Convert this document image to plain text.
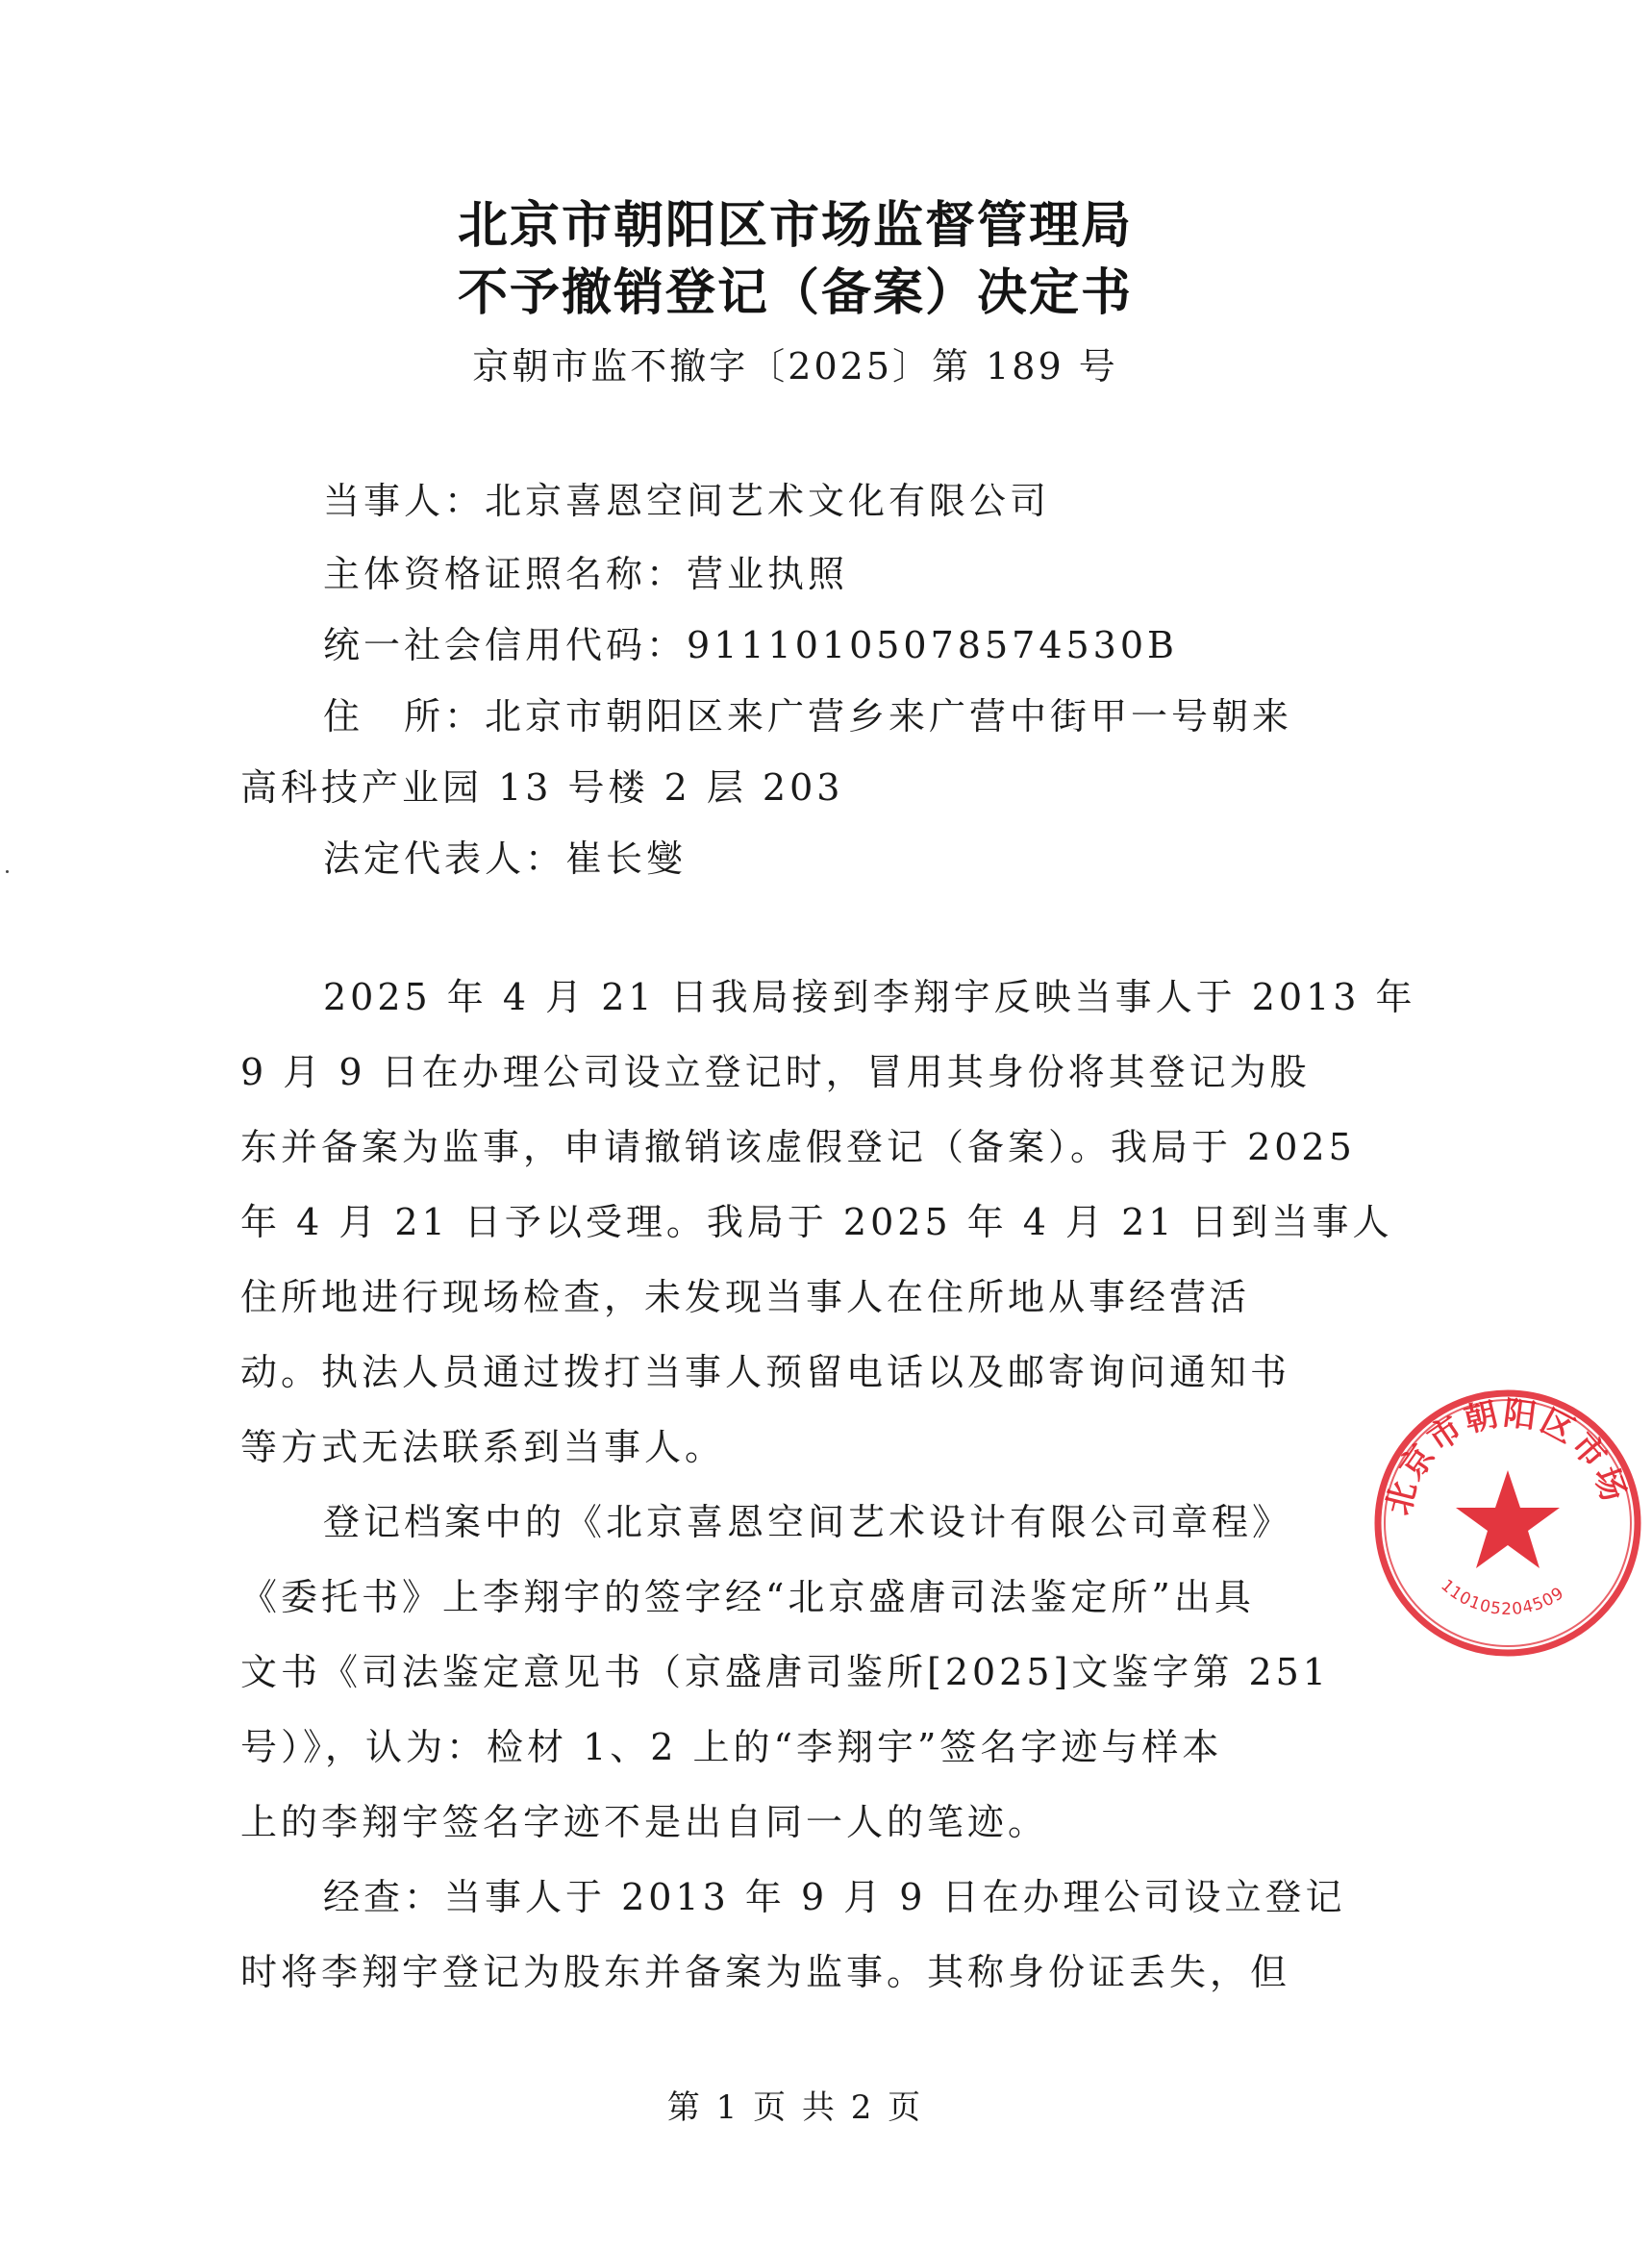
北京市朝阳区市场监督管理局
不予撤销登记（备案）决定书
京朝市监不撤字〔2025〕第 189 号
当事人：北京喜恩空间艺术文化有限公司
主体资格证照名称：营业执照
统一社会信用代码：91110105078574530B
住　所：北京市朝阳区来广营乡来广营中街甲一号朝来
高科技产业园 13 号楼 2 层 203
法定代表人：崔长燮
2025 年 4 月 21 日我局接到李翔宇反映当事人于 2013 年
9 月 9 日在办理公司设立登记时，冒用其身份将其登记为股
东并备案为监事，申请撤销该虚假登记（备案）。我局于 2025
年 4 月 21 日予以受理。我局于 2025 年 4 月 21 日到当事人
住所地进行现场检查，未发现当事人在住所地从事经营活
动。执法人员通过拨打当事人预留电话以及邮寄询问通知书
等方式无法联系到当事人。
登记档案中的《北京喜恩空间艺术设计有限公司章程》
《委托书》上李翔宇的签字经“北京盛唐司法鉴定所”出具
文书《司法鉴定意见书（京盛唐司鉴所[2025]文鉴字第 251
号）》，认为：检材 1、2 上的“李翔宇”签名字迹与样本
上的李翔宇签名字迹不是出自同一人的笔迹。
经查：当事人于 2013 年 9 月 9 日在办理公司设立登记
时将李翔宇登记为股东并备案为监事。其称身份证丢失，但
北京市朝阳区市场
110105204509
第 1 页 共 2 页
